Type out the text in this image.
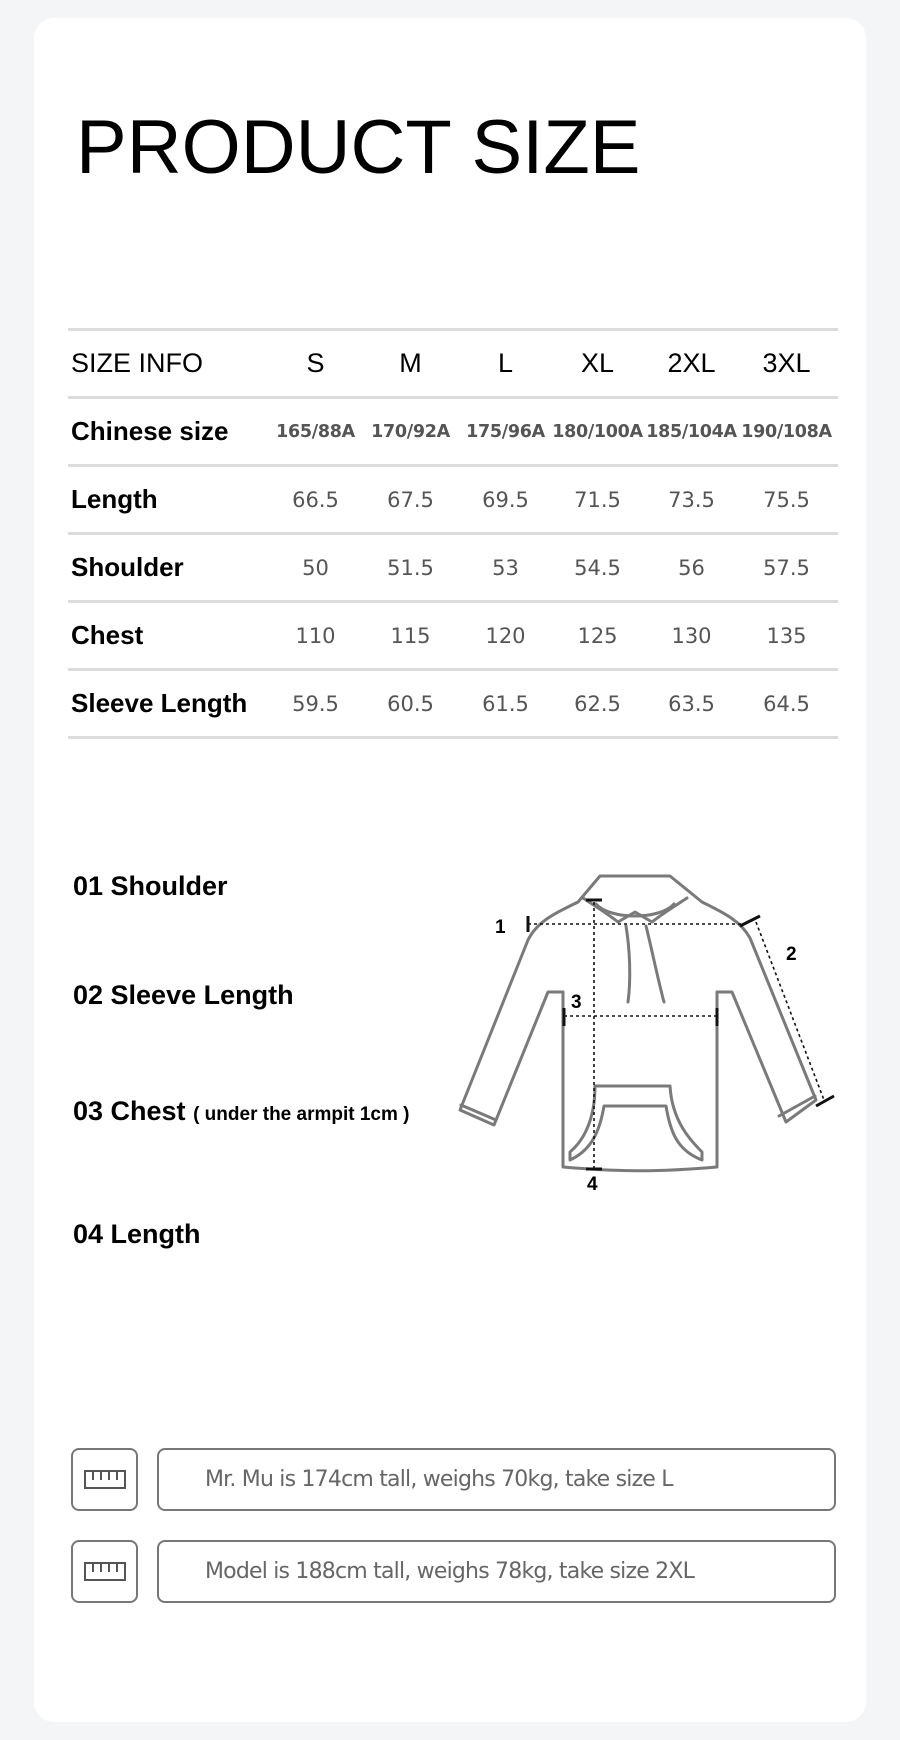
PRODUCT SIZE
SIZE INFO	S	M	L	XL	2XL	3XL
Chinese size	165/88A 170/92A 175/96A 180/100A 185/104A 190/108A
Length	66.5	67.5	69.5	71.5	73.5	75.5
Shoulder	50	51.5	53	54.5	56	57.5
Chest	110	115	120	125	130	135
Sleeve Length	59.5	60.5	61.5	62.5	63.5	64.5
01 Shoulder
02 Sleeve Length
03 Chest ( under the armpit 1cm )
04 Length
1
2
3
4
Mr. Mu is 174cm tall, weighs 70kg, take size L
Model is 188cm tall, weighs 78kg, take size 2XL
